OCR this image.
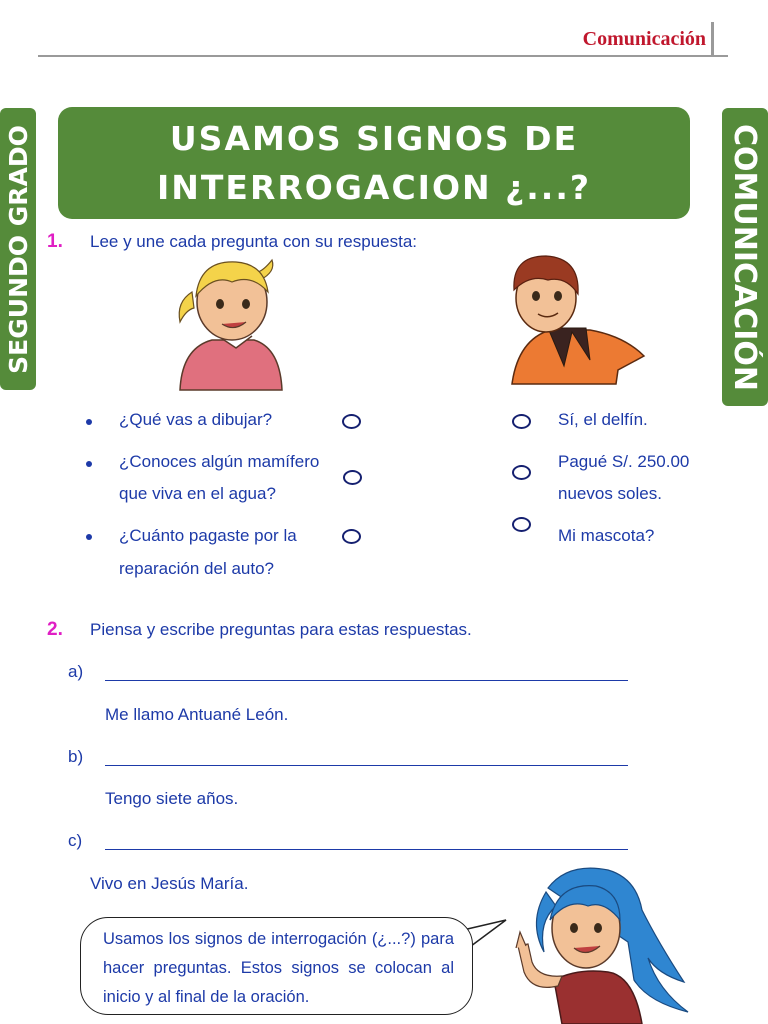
Comunicación
SEGUNDO GRADO	COMUNICACIÓN
USAMOS SIGNOS DE
INTERROGACION ¿...?
1. Lee y une cada pregunta con su respuesta:
¿Qué vas a dibujar?
¿Conoces algún mamífero
que viva en el agua?
¿Cuánto pagaste por la
reparación del auto?
Sí, el delfín.
Pagué S/. 250.00
nuevos soles.
Mi mascota?
2. Piensa y escribe preguntas para estas respuestas.
a)
Me llamo Antuané León.
b)
Tengo siete años.
c)
Vivo en Jesús María.
Usamos los signos de interrogación (¿...?) para hacer preguntas. Estos signos se colocan al inicio y al final de la oración.
